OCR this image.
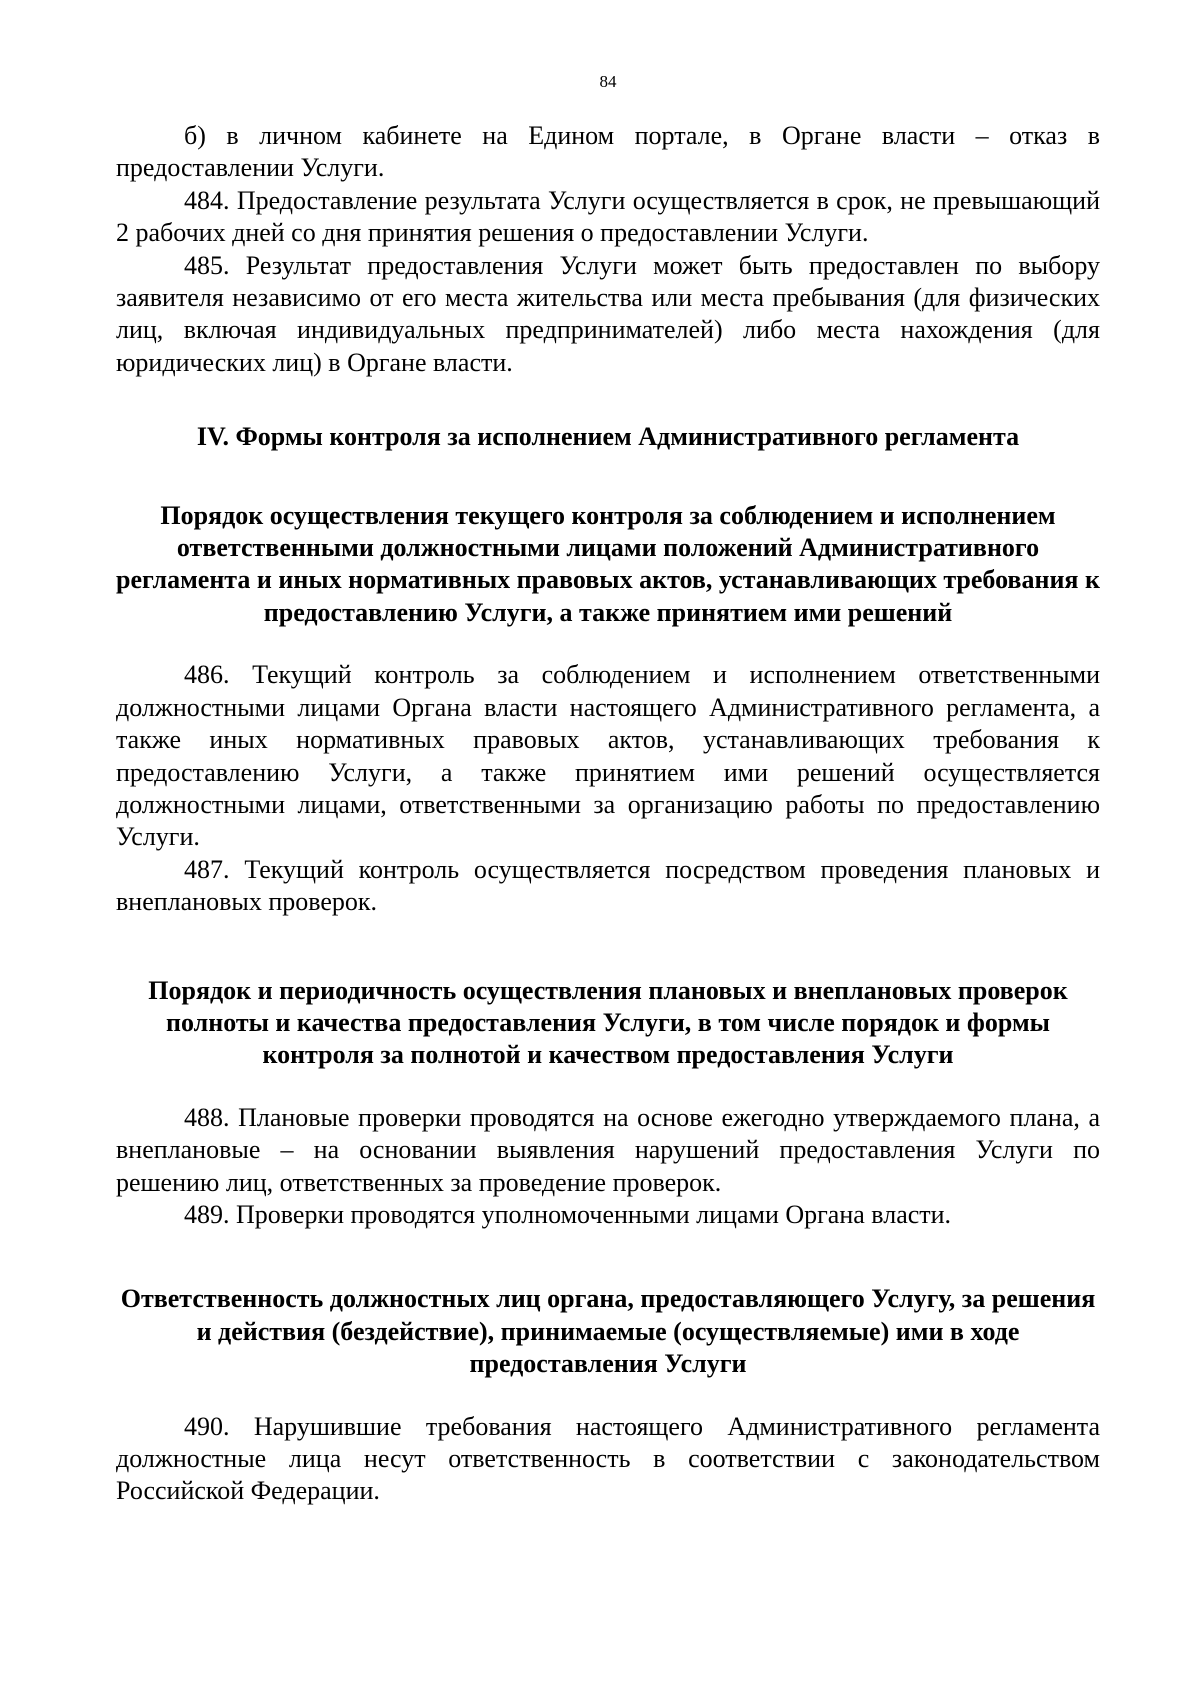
84

б) в личном кабинете на Едином портале, в Органе власти – отказ в предоставлении Услуги.

484. Предоставление результата Услуги осуществляется в срок, не превышающий 2 рабочих дней со дня принятия решения о предоставлении Услуги.

485. Результат предоставления Услуги может быть предоставлен по выбору заявителя независимо от его места жительства или места пребывания (для физических лиц, включая индивидуальных предпринимателей) либо места нахождения (для юридических лиц) в Органе власти.

IV. Формы контроля за исполнением Административного регламента
Порядок осуществления текущего контроля за соблюдением и исполнением ответственными должностными лицами положений Административного регламента и иных нормативных правовых актов, устанавливающих требования к предоставлению Услуги, а также принятием ими решений

486. Текущий контроль за соблюдением и исполнением ответственными должностными лицами Органа власти настоящего Административного регламента, а также иных нормативных правовых актов, устанавливающих требования к предоставлению Услуги, а также принятием ими решений осуществляется должностными лицами, ответственными за организацию работы по предоставлению Услуги.

487. Текущий контроль осуществляется посредством проведения плановых и внеплановых проверок.

Порядок и периодичность осуществления плановых и внеплановых проверок полноты и качества предоставления Услуги, в том числе порядок и формы контроля за полнотой и качеством предоставления Услуги

488. Плановые проверки проводятся на основе ежегодно утверждаемого плана, а внеплановые – на основании выявления нарушений предоставления Услуги по решению лиц, ответственных за проведение проверок.

489. Проверки проводятся уполномоченными лицами Органа власти.

Ответственность должностных лиц органа, предоставляющего Услугу, за решения и действия (бездействие), принимаемые (осуществляемые) ими в ходе предоставления Услуги

490. Нарушившие требования настоящего Административного регламента должностные лица несут ответственность в соответствии с законодательством Российской Федерации.
